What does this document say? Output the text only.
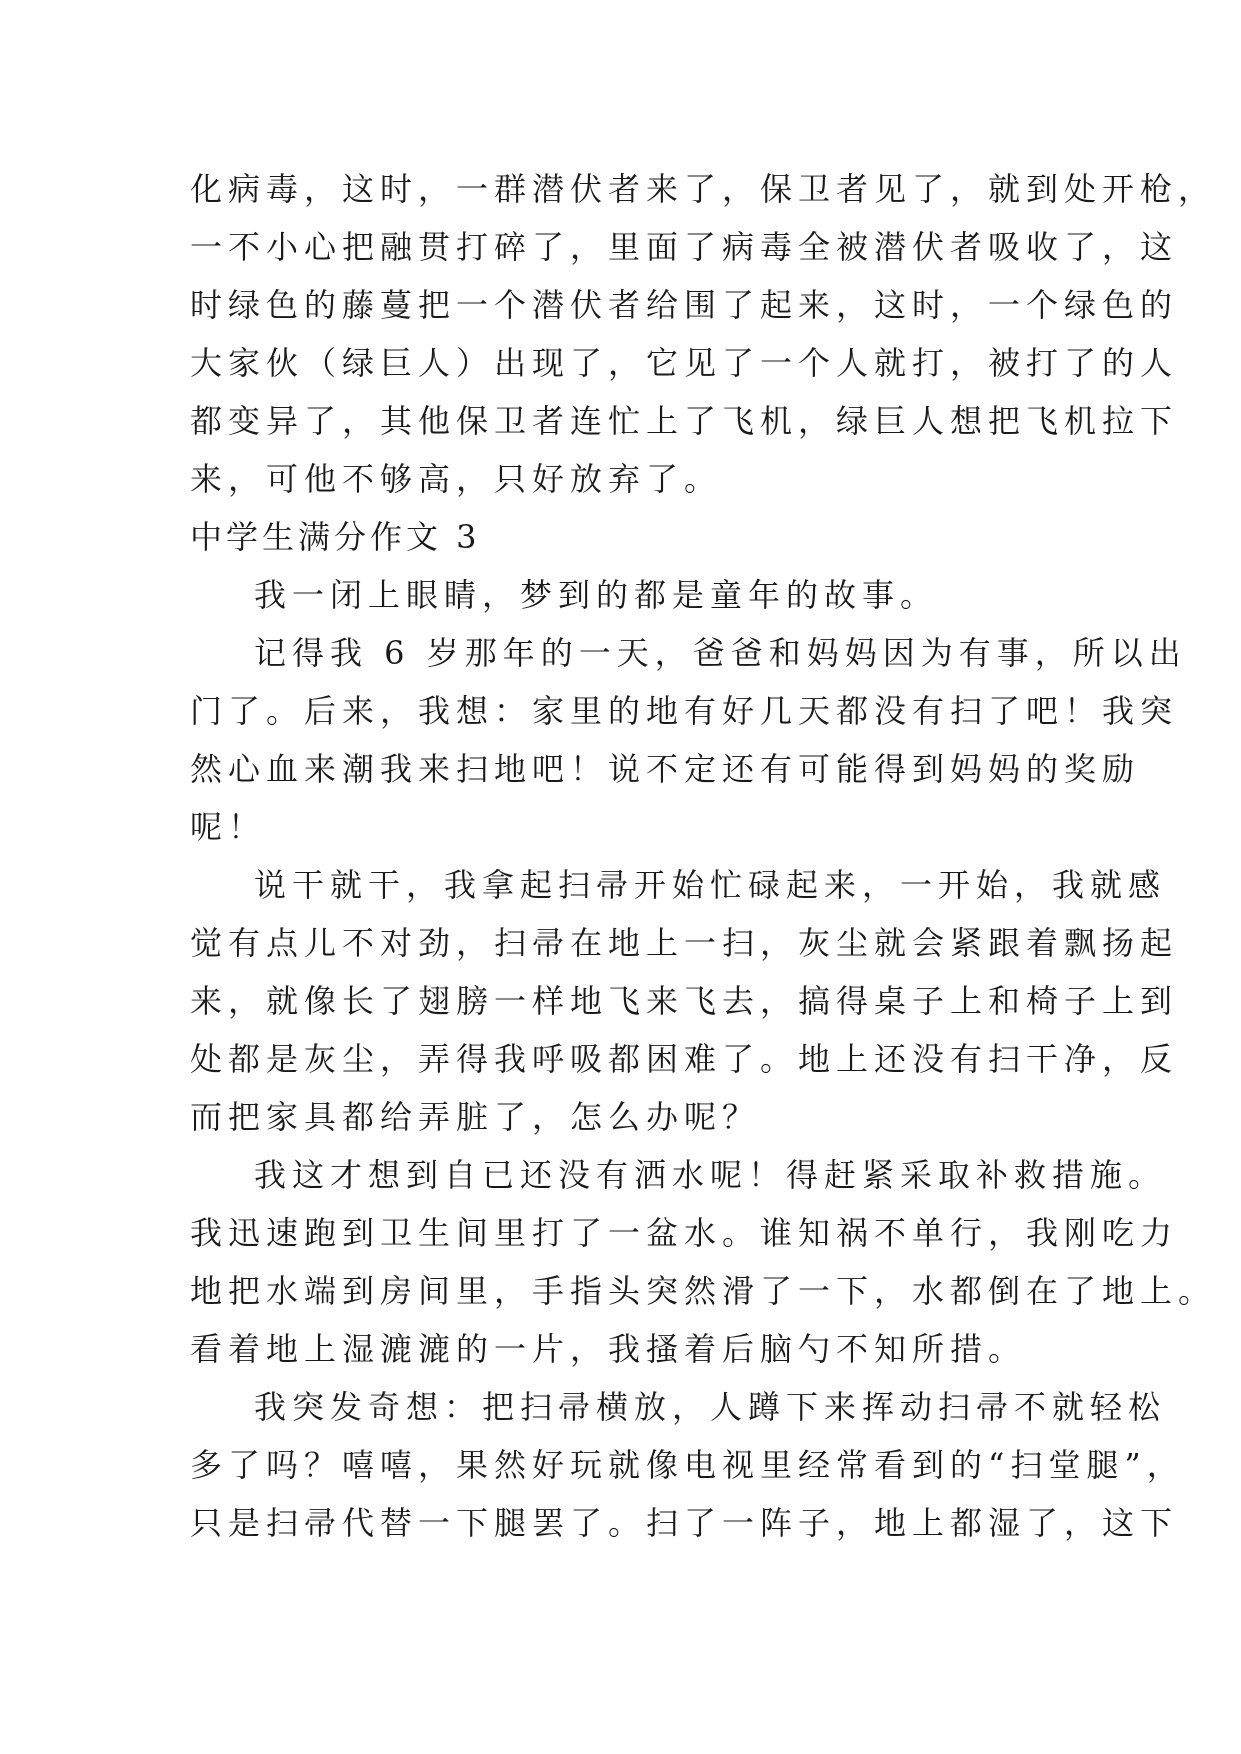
化病毒，这时，一群潜伏者来了，保卫者见了，就到处开枪，
一不小心把融贯打碎了，里面了病毒全被潜伏者吸收了，这
时绿色的藤蔓把一个潜伏者给围了起来，这时，一个绿色的
大家伙（绿巨人）出现了，它见了一个人就打，被打了的人
都变异了，其他保卫者连忙上了飞机，绿巨人想把飞机拉下
来，可他不够高，只好放弃了。
中学生满分作文 3
我一闭上眼睛，梦到的都是童年的故事。
记得我 6 岁那年的一天，爸爸和妈妈因为有事，所以出
门了。后来，我想：家里的地有好几天都没有扫了吧！我突
然心血来潮我来扫地吧！说不定还有可能得到妈妈的奖励
呢！
说干就干，我拿起扫帚开始忙碌起来，一开始，我就感
觉有点儿不对劲，扫帚在地上一扫，灰尘就会紧跟着飘扬起
来，就像长了翅膀一样地飞来飞去，搞得桌子上和椅子上到
处都是灰尘，弄得我呼吸都困难了。地上还没有扫干净，反
而把家具都给弄脏了，怎么办呢？
我这才想到自已还没有洒水呢！得赶紧采取补救措施。
我迅速跑到卫生间里打了一盆水。谁知祸不单行，我刚吃力
地把水端到房间里，手指头突然滑了一下，水都倒在了地上。
看着地上湿漉漉的一片，我搔着后脑勺不知所措。
我突发奇想：把扫帚横放，人蹲下来挥动扫帚不就轻松
多了吗？嘻嘻，果然好玩就像电视里经常看到的“扫堂腿”，
只是扫帚代替一下腿罢了。扫了一阵子，地上都湿了，这下
